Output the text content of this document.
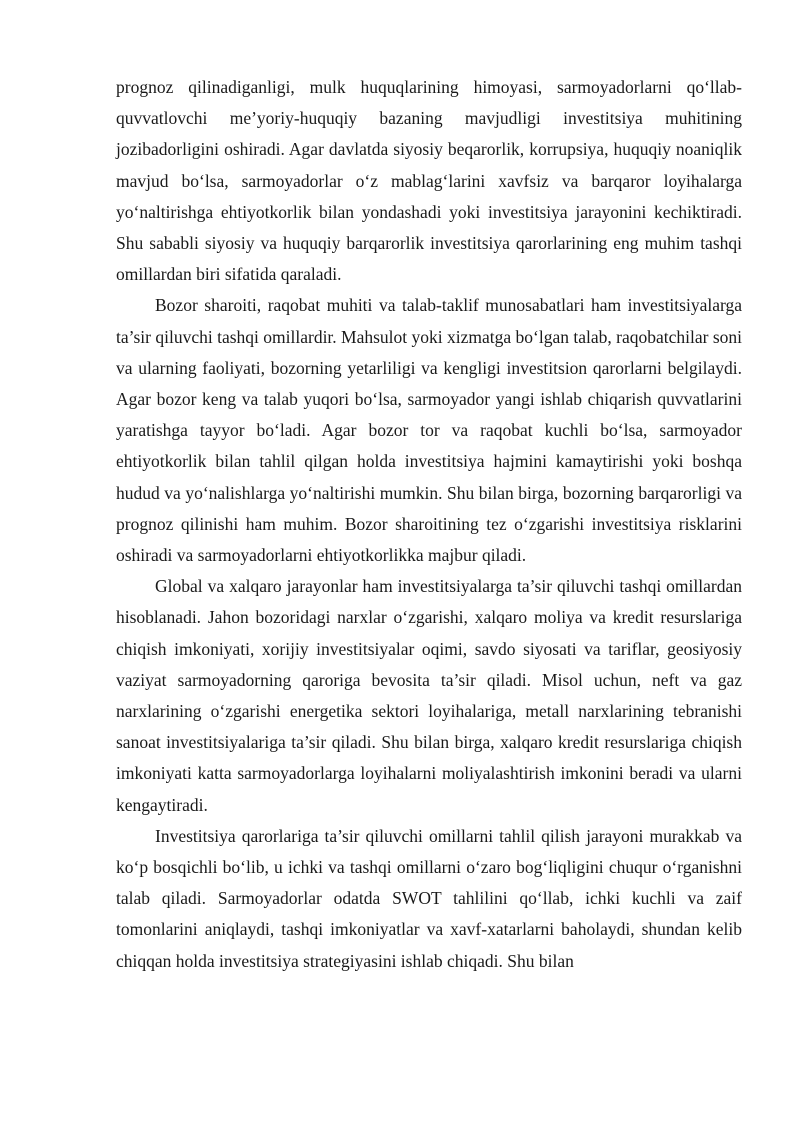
prognoz qilinadiganligi, mulk huquqlarining himoyasi, sarmoyadorlarni qo‘llab-quvvatlovchi me’yoriy-huquqiy bazaning mavjudligi investitsiya muhitining jozibadorligini oshiradi. Agar davlatda siyosiy beqarorlik, korrupsiya, huquqiy noaniqlik mavjud bo‘lsa, sarmoyadorlar o‘z mablag‘larini xavfsiz va barqaror loyihalarga yo‘naltirishga ehtiyotkorlik bilan yondashadi yoki investitsiya jarayonini kechiktiradi. Shu sababli siyosiy va huquqiy barqarorlik investitsiya qarorlarining eng muhim tashqi omillardan biri sifatida qaraladi.

Bozor sharoiti, raqobat muhiti va talab-taklif munosabatlari ham investitsiyalarga ta’sir qiluvchi tashqi omillardir. Mahsulot yoki xizmatga bo‘lgan talab, raqobatchilar soni va ularning faoliyati, bozorning yetarliligi va kengligi investitsion qarorlarni belgilaydi. Agar bozor keng va talab yuqori bo‘lsa, sarmoyador yangi ishlab chiqarish quvvatlarini yaratishga tayyor bo‘ladi. Agar bozor tor va raqobat kuchli bo‘lsa, sarmoyador ehtiyotkorlik bilan tahlil qilgan holda investitsiya hajmini kamaytirishi yoki boshqa hudud va yo‘nalishlarga yo‘naltirishi mumkin. Shu bilan birga, bozorning barqarorligi va prognoz qilinishi ham muhim. Bozor sharoitining tez o‘zgarishi investitsiya risklarini oshiradi va sarmoyadorlarni ehtiyotkorlikka majbur qiladi.

Global va xalqaro jarayonlar ham investitsiyalarga ta’sir qiluvchi tashqi omillardan hisoblanadi. Jahon bozoridagi narxlar o‘zgarishi, xalqaro moliya va kredit resurslariga chiqish imkoniyati, xorijiy investitsiyalar oqimi, savdo siyosati va tariflar, geosiyosiy vaziyat sarmoyadorning qaroriga bevosita ta’sir qiladi. Misol uchun, neft va gaz narxlarining o‘zgarishi energetika sektori loyihalariga, metall narxlarining tebranishi sanoat investitsiyalariga ta’sir qiladi. Shu bilan birga, xalqaro kredit resurslariga chiqish imkoniyati katta sarmoyadorlarga loyihalarni moliyalashtirish imkonini beradi va ularni kengaytiradi.

Investitsiya qarorlariga ta’sir qiluvchi omillarni tahlil qilish jarayoni murakkab va ko‘p bosqichli bo‘lib, u ichki va tashqi omillarni o‘zaro bog‘liqligini chuqur o‘rganishni talab qiladi. Sarmoyadorlar odatda SWOT tahlilini qo‘llab, ichki kuchli va zaif tomonlarini aniqlaydi, tashqi imkoniyatlar va xavf-xatarlarni baholaydi, shundan kelib chiqqan holda investitsiya strategiyasini ishlab chiqadi. Shu bilan
